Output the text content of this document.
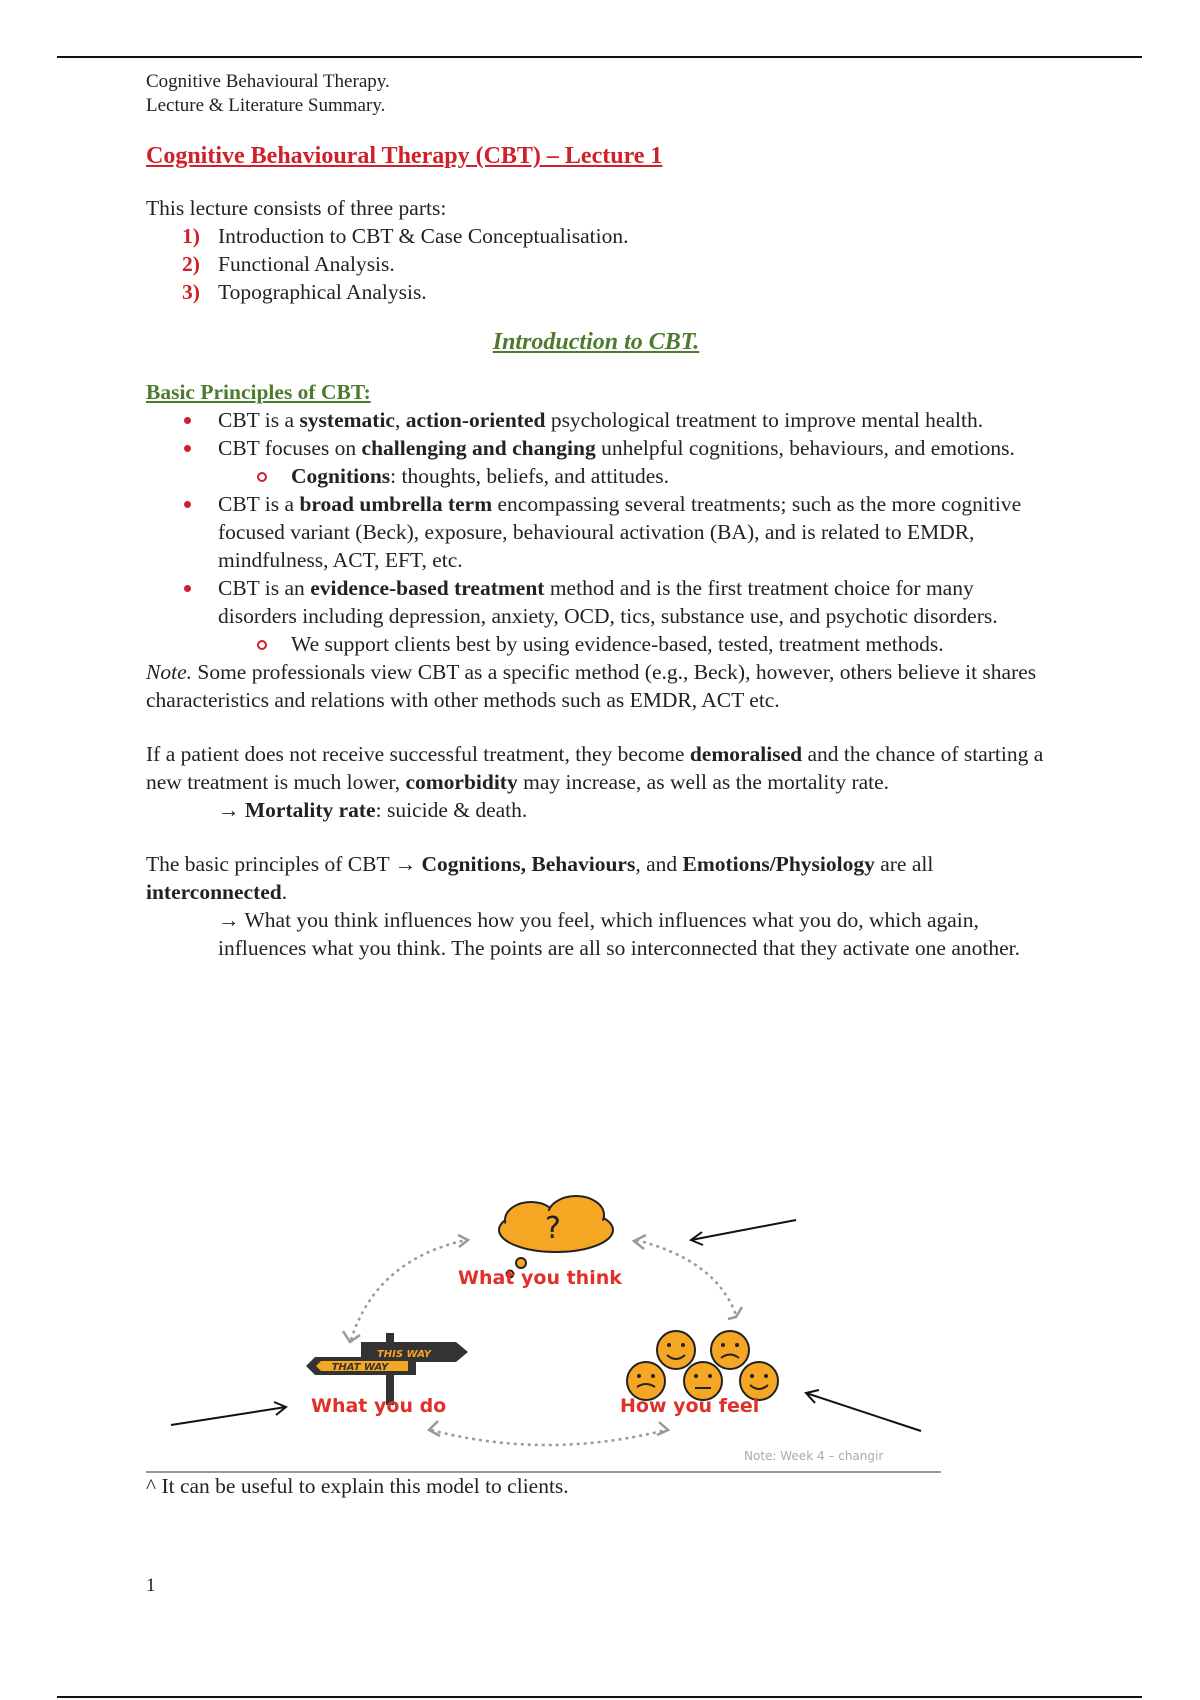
Cognitive Behavioural Therapy.
Lecture & Literature Summary.
Cognitive Behavioural Therapy (CBT) – Lecture 1

This lecture consists of three parts:

1) Introduction to CBT & Case Conceptualisation.
2) Functional Analysis.
3) Topographical Analysis.
Introduction to CBT.
Basic Principles of CBT:
CBT is a systematic, action-oriented psychological treatment to improve mental health.
CBT focuses on challenging and changing unhelpful cognitions, behaviours, and emotions.
Cognitions: thoughts, beliefs, and attitudes.
CBT is a broad umbrella term encompassing several treatments; such as the more cognitive focused variant (Beck), exposure, behavioural activation (BA), and is related to EMDR, mindfulness, ACT, EFT, etc.
CBT is an evidence-based treatment method and is the first treatment choice for many disorders including depression, anxiety, OCD, tics, substance use, and psychotic disorders.
We support clients best by using evidence-based, tested, treatment methods.

Note. Some professionals view CBT as a specific method (e.g., Beck), however, others believe it shares characteristics and relations with other methods such as EMDR, ACT etc.

If a patient does not receive successful treatment, they become demoralised and the chance of starting a new treatment is much lower, comorbidity may increase, as well as the mortality rate.

→ Mortality rate: suicide & death.

The basic principles of CBT → Cognitions, Behaviours, and Emotions/Physiology are all interconnected.

→ What you think influences how you feel, which influences what you do, which again, influences what you think. The points are all so interconnected that they activate one another.

?
THIS WAY
THAT WAY
What you think
What you do	How you feel
Note: Week 4 – changir
^ It can be useful to explain this model to clients.
1
